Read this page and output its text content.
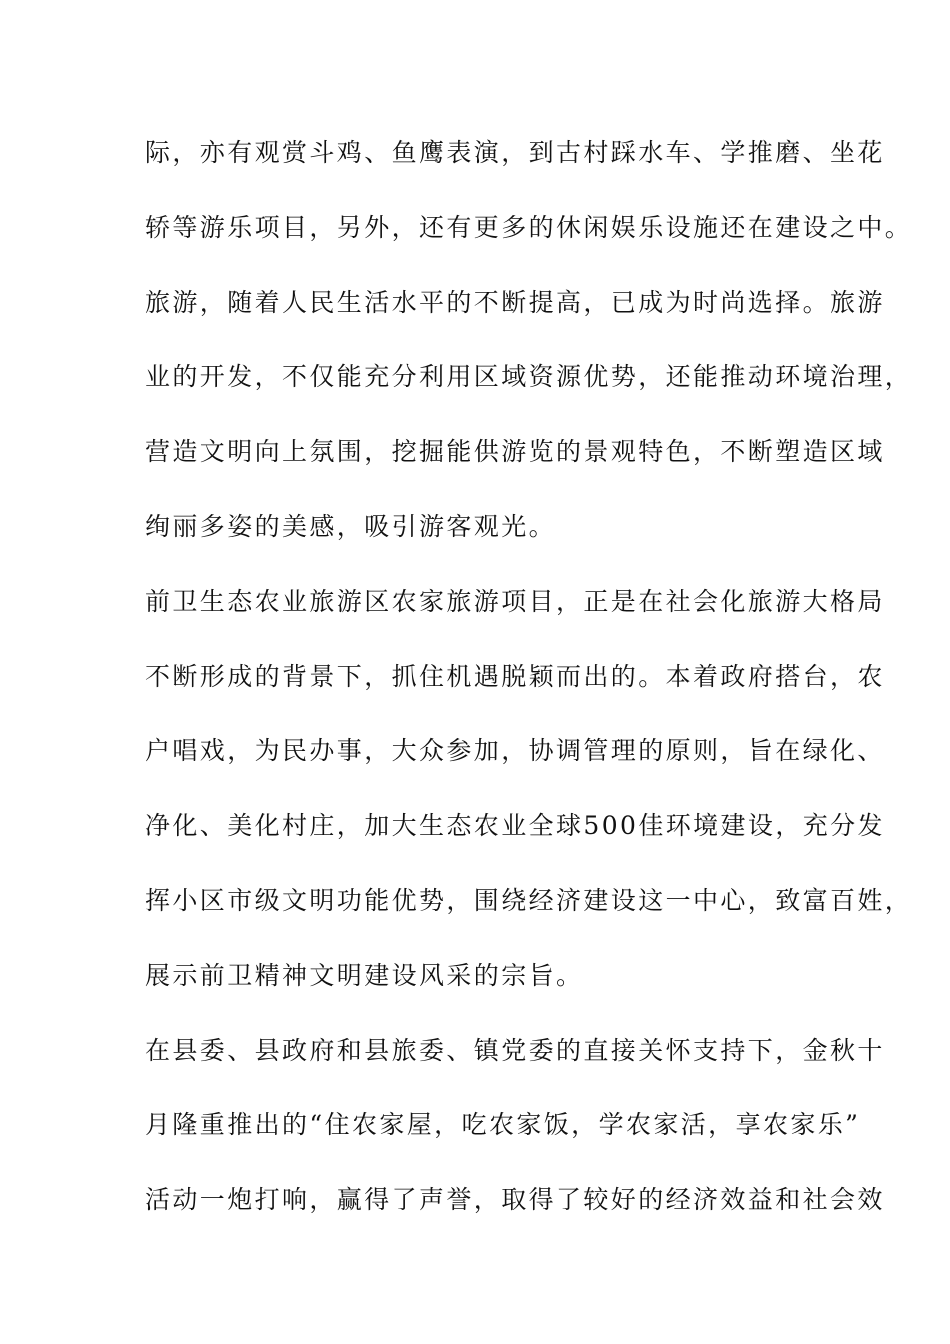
际，亦有观赏斗鸡、鱼鹰表演，到古村踩水车、学推磨、坐花
轿等游乐项目，另外，还有更多的休闲娱乐设施还在建设之中。
旅游，随着人民生活水平的不断提高，已成为时尚选择。旅游
业的开发，不仅能充分利用区域资源优势，还能推动环境治理，
营造文明向上氛围，挖掘能供游览的景观特色，不断塑造区域
绚丽多姿的美感，吸引游客观光。
前卫生态农业旅游区农家旅游项目，正是在社会化旅游大格局
不断形成的背景下，抓住机遇脱颖而出的。本着政府搭台，农
户唱戏，为民办事，大众参加，协调管理的原则，旨在绿化、
净化、美化村庄，加大生态农业全球500佳环境建设，充分发
挥小区市级文明功能优势，围绕经济建设这一中心，致富百姓，
展示前卫精神文明建设风采的宗旨。
在县委、县政府和县旅委、镇党委的直接关怀支持下，金秋十
月隆重推出的“住农家屋，吃农家饭，学农家活，享农家乐”
活动一炮打响，赢得了声誉，取得了较好的经济效益和社会效
